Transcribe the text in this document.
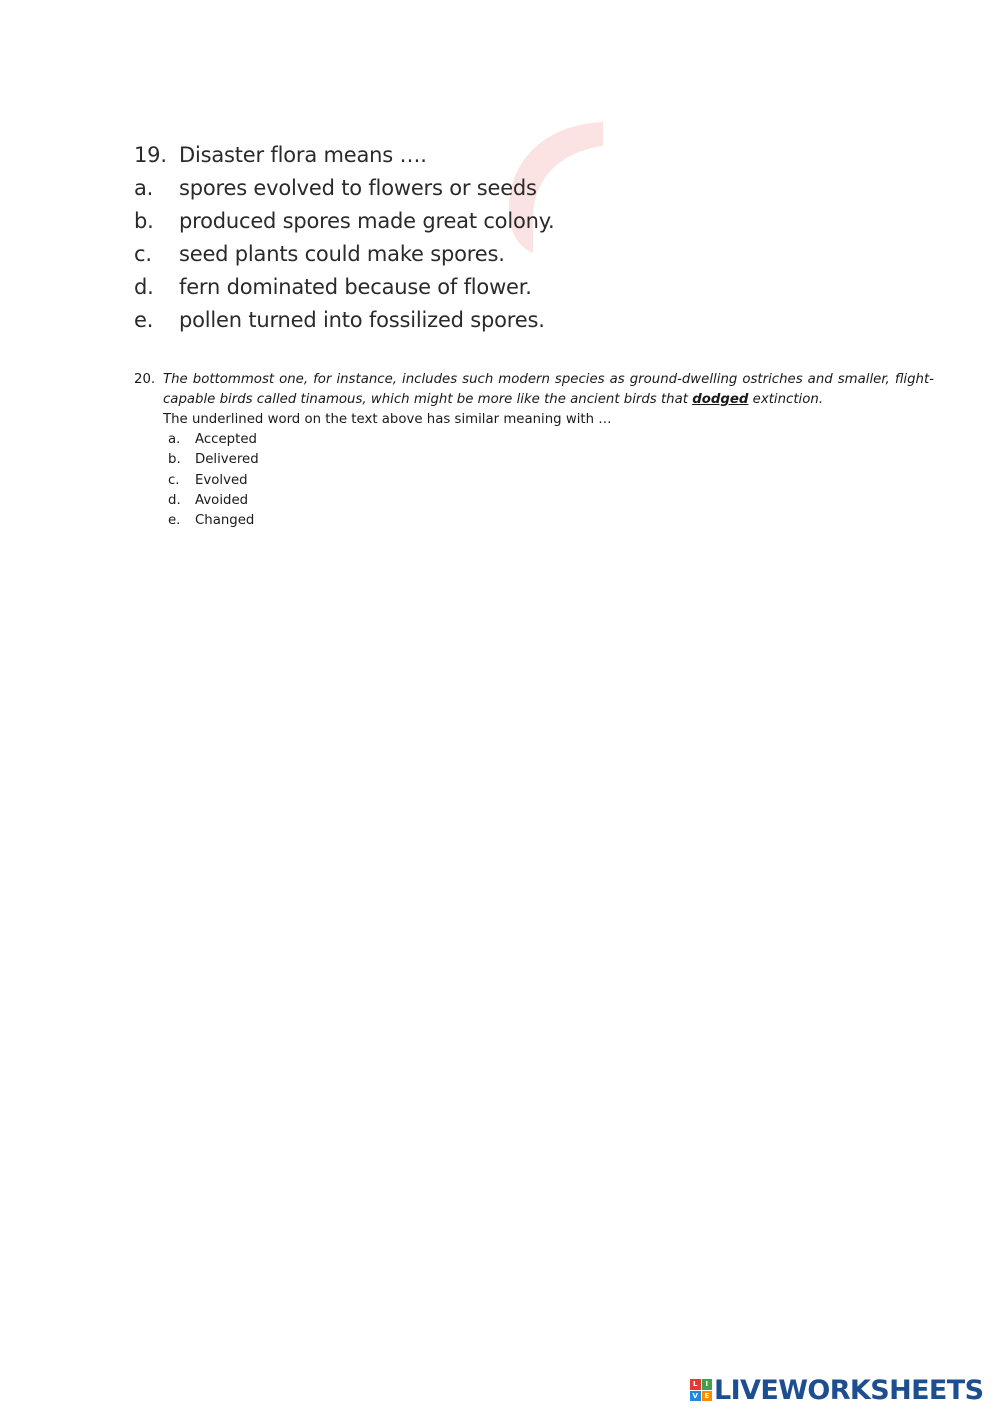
19. Disaster flora means ….
a.	spores evolved to flowers or seeds
b.	produced spores made great colony.
c.	seed plants could make spores.
d.	fern dominated because of flower.
e.	pollen turned into fossilized spores.
20. The bottommost one, for instance, includes such modern species as ground-dwelling ostriches and smaller, flight-capable birds called tinamous, which might be more like the ancient birds that dodged extinction.
The underlined word on the text above has similar meaning with …
a.	Accepted
b.	Delivered
c.	Evolved
d.	Avoided
e.	Changed
L	I
V E LIVEWORKSHEETS
